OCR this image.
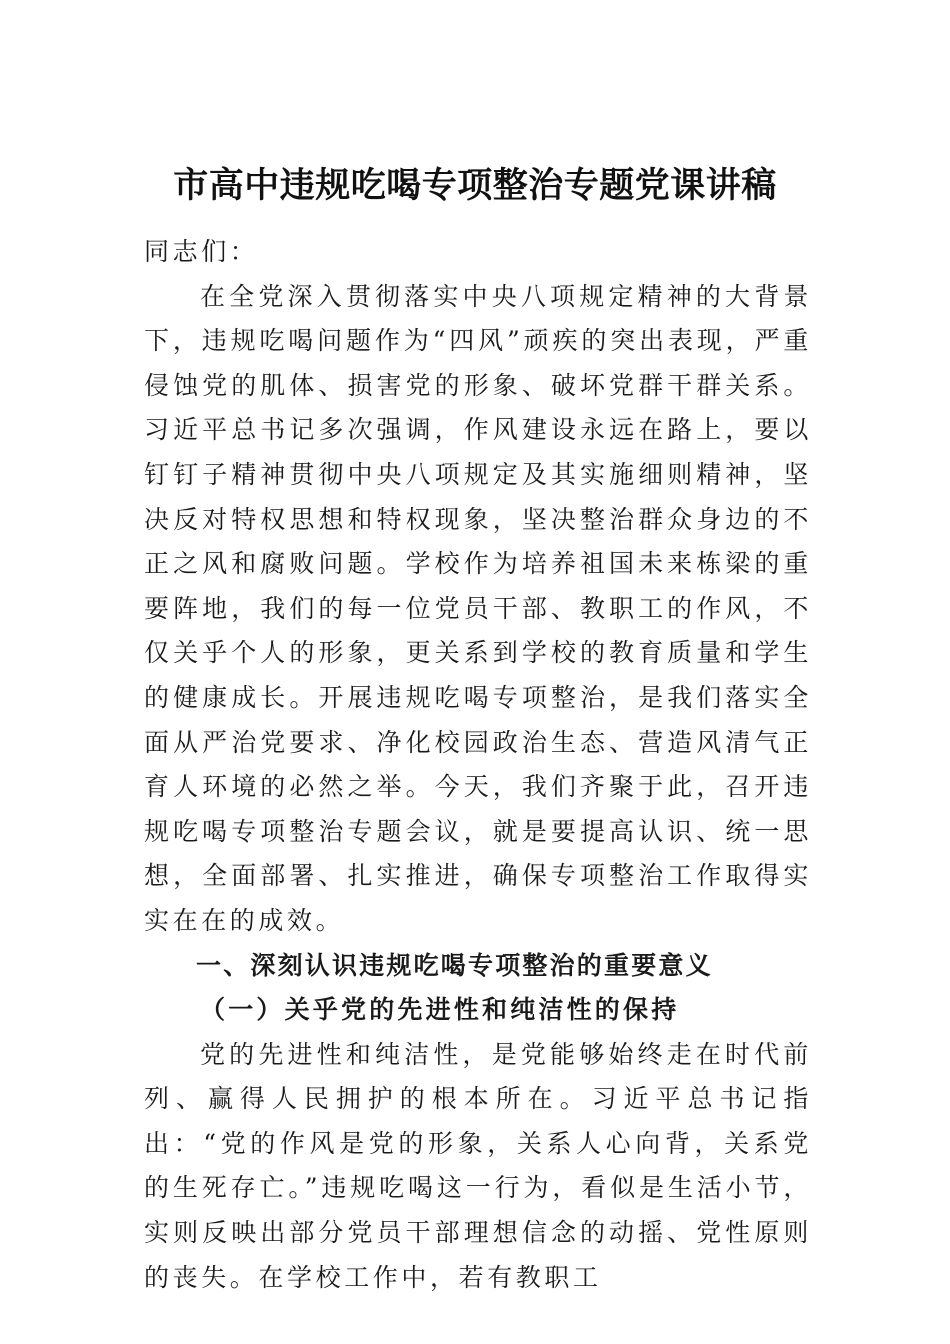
市高中违规吃喝专项整治专题党课讲稿

同志们：

在全党深入贯彻落实中央八项规定精神的大背景下，违规吃喝问题作为“四风”顽疾的突出表现，严重侵蚀党的肌体、损害党的形象、破坏党群干群关系。习近平总书记多次强调，作风建设永远在路上，要以钉钉子精神贯彻中央八项规定及其实施细则精神，坚决反对特权思想和特权现象，坚决整治群众身边的不正之风和腐败问题。学校作为培养祖国未来栋梁的重要阵地，我们的每一位党员干部、教职工的作风，不仅关乎个人的形象，更关系到学校的教育质量和学生的健康成长。开展违规吃喝专项整治，是我们落实全面从严治党要求、净化校园政治生态、营造风清气正育人环境的必然之举。今天，我们齐聚于此，召开违规吃喝专项整治专题会议，就是要提高认识、统一思想，全面部署、扎实推进，确保专项整治工作取得实实在在的成效。

一、深刻认识违规吃喝专项整治的重要意义

（一）关乎党的先进性和纯洁性的保持

党的先进性和纯洁性，是党能够始终走在时代前列、赢得人民拥护的根本所在。习近平总书记指出：“党的作风是党的形象，关系人心向背，关系党的生死存亡。”违规吃喝这一行为，看似是生活小节，实则反映出部分党员干部理想信念的动摇、党性原则的丧失。在学校工作中，若有教职工
